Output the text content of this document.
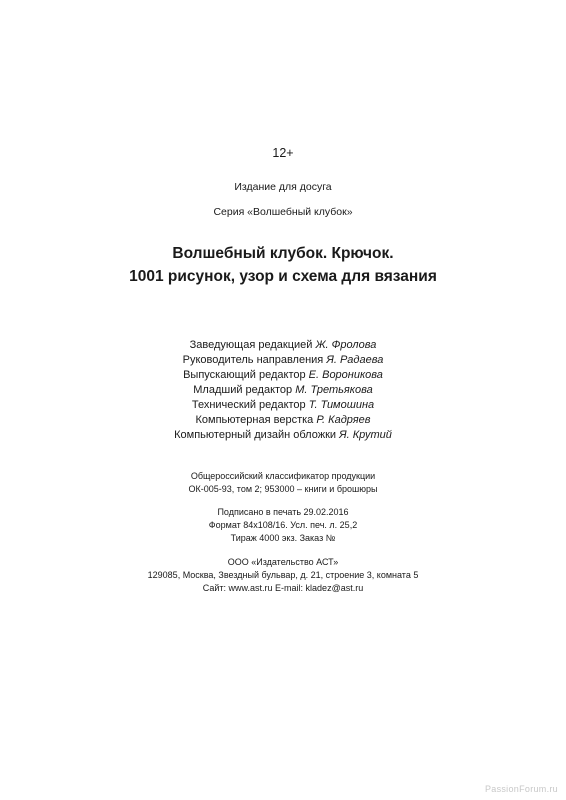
12+
Издание для досуга
Серия «Волшебный клубок»
Волшебный клубок. Крючок.
1001 рисунок, узор и схема для вязания
Заведующая редакцией Ж. Фролова
Руководитель направления Я. Радаева
Выпускающий редактор Е. Ворoникова
Младший редактор М. Третьякова
Технический редактор Т. Тимошина
Компьютерная верстка Р. Кадряев
Компьютерный дизайн обложки Я. Крутий
Общероссийский классификатор продукции
ОК-005-93, том 2; 953000 – книги и брошюры
Подписано в печать 29.02.2016
Формат 84х108/16. Усл. печ. л. 25,2
Тираж 4000 экз. Заказ №
ООО «Издательство АСТ»
129085, Москва, Звездный бульвар, д. 21, строение 3, комната 5
Сайт: www.ast.ru E-mail: kladez@ast.ru
PassionForum.ru
